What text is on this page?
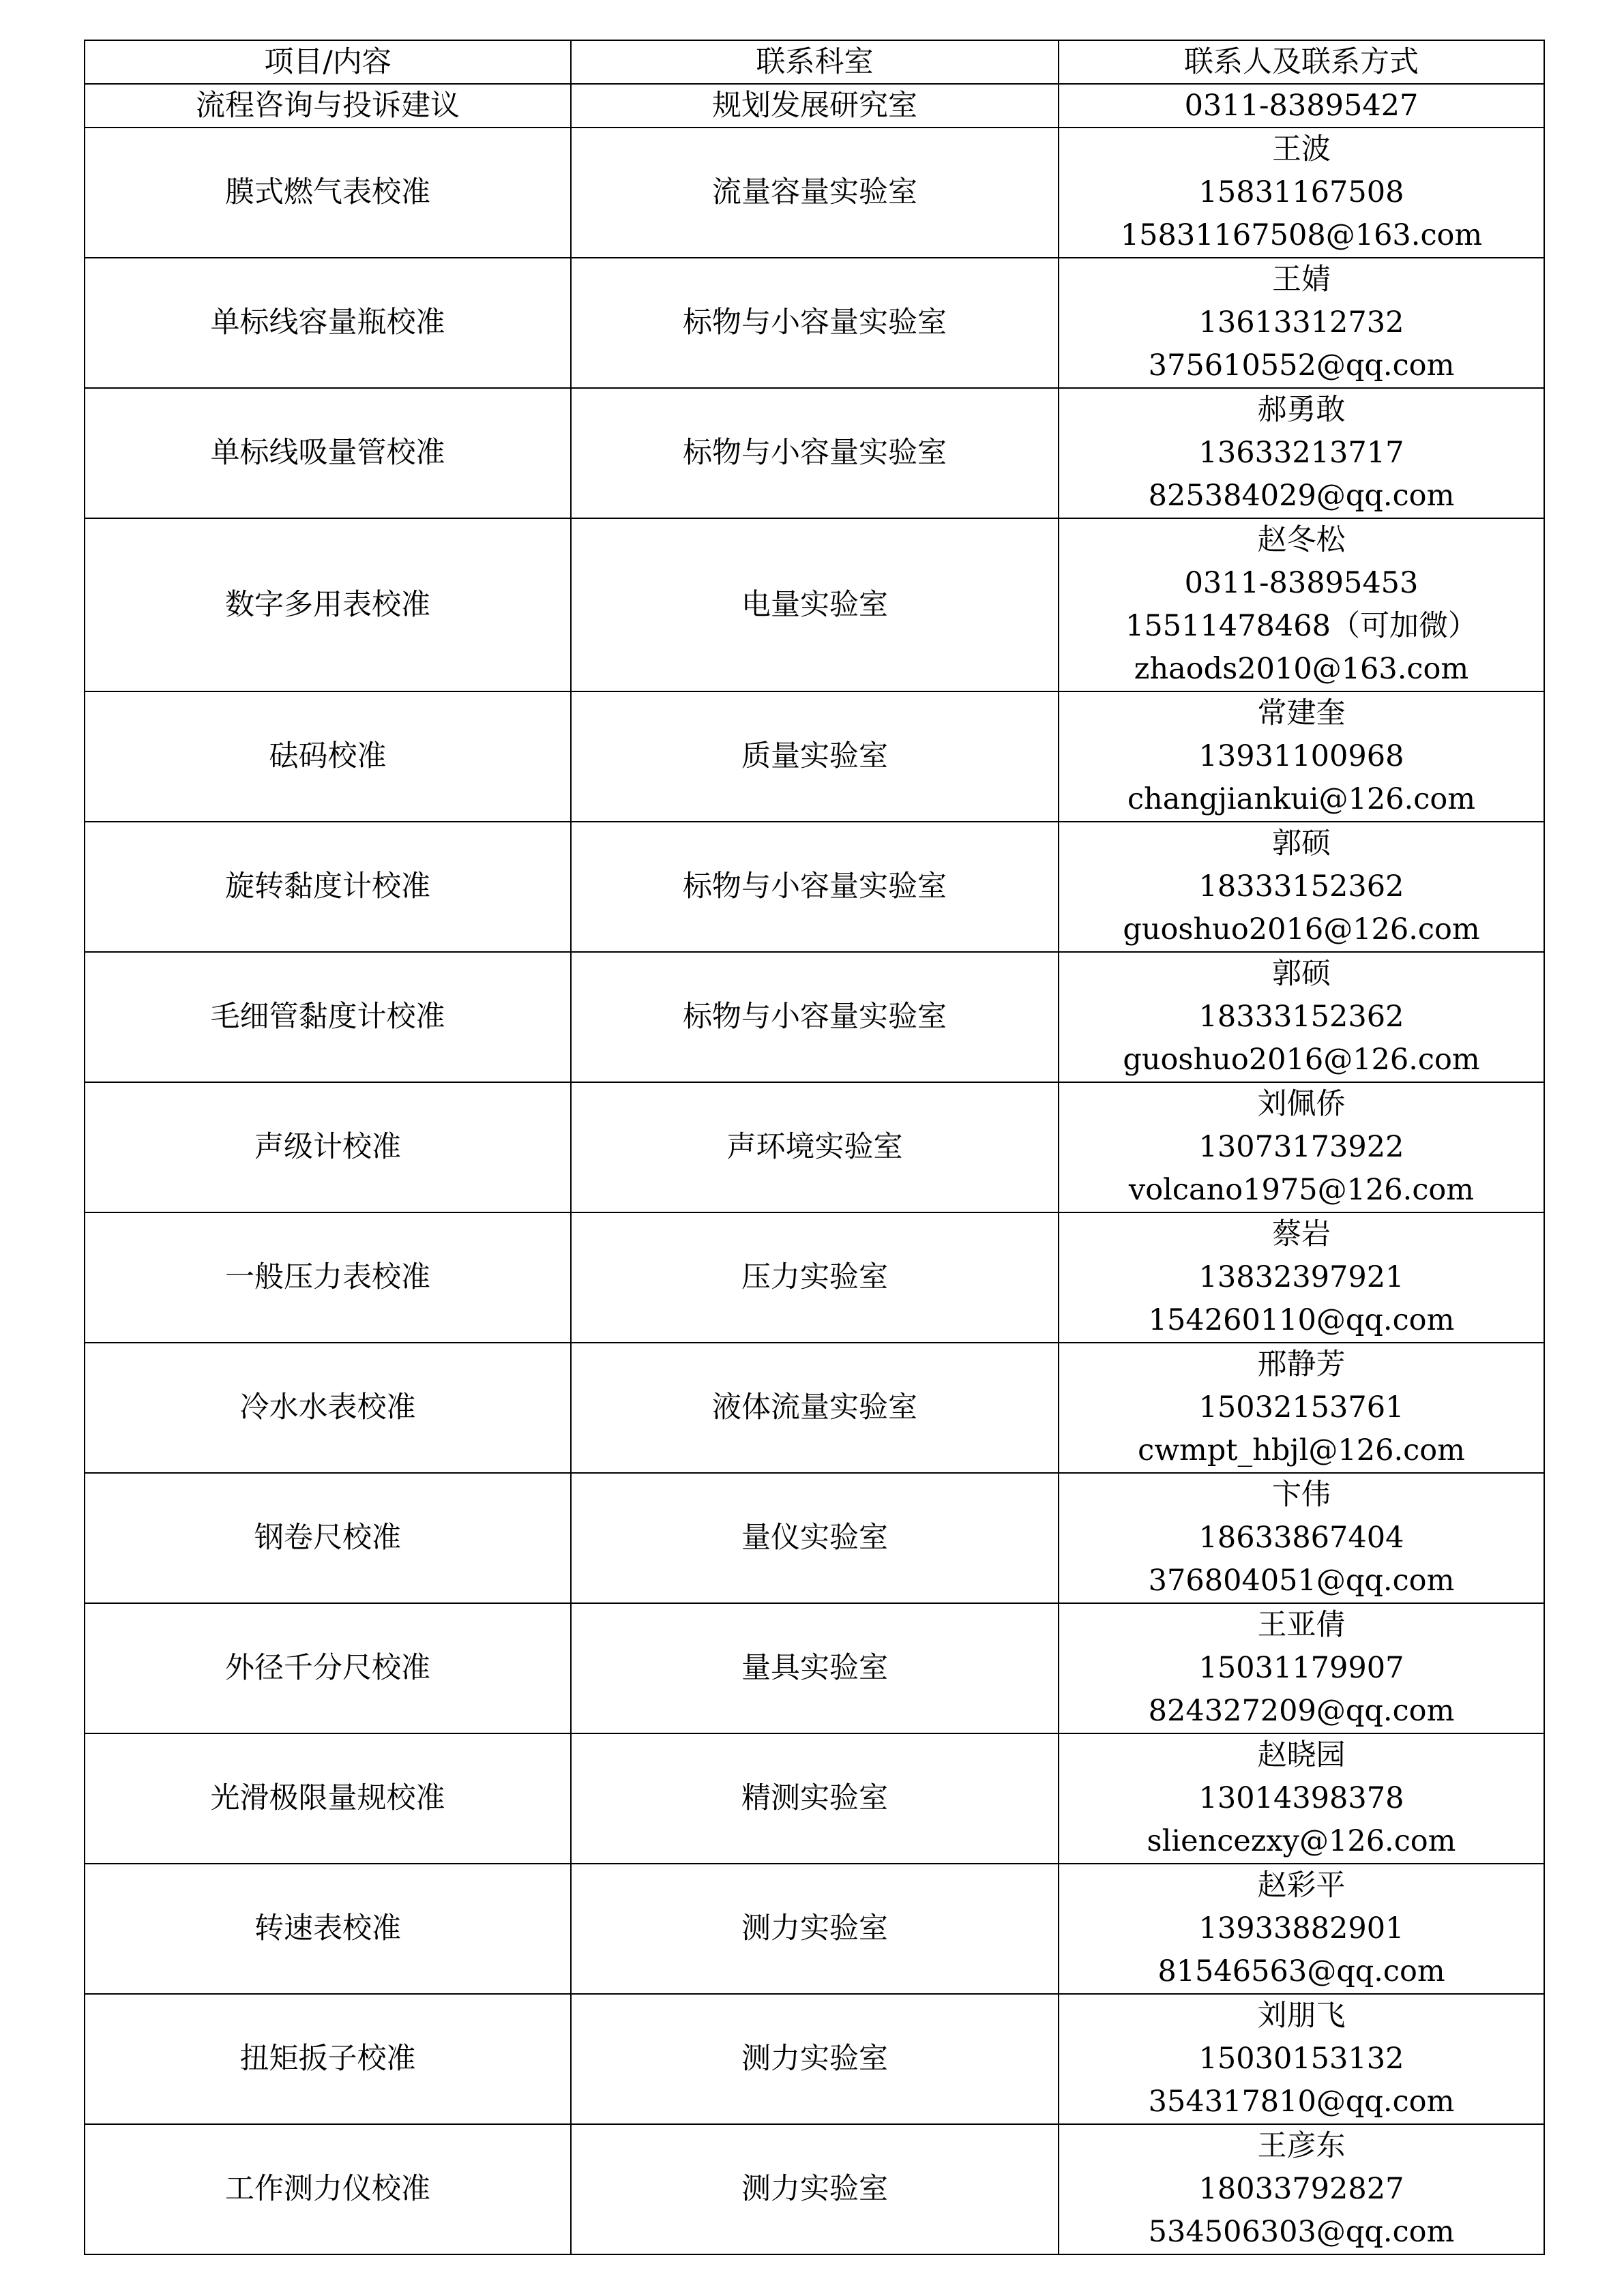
项目/内容	联系科室	联系人及联系方式
流程咨询与投诉建议	规划发展研究室	0311-83895427
膜式燃气表校准	流量容量实验室	王波
15831167508
15831167508@163.com

单标线容量瓶校准	标物与小容量实验室	王婧
13613312732
375610552@qq.com

单标线吸量管校准	标物与小容量实验室	郝勇敢
13633213717
825384029@qq.com

数字多用表校准	电量实验室	赵冬松
0311-83895453
15511478468（可加微）
zhaods2010@163.com

砝码校准	质量实验室	常建奎
13931100968
changjiankui@126.com

旋转黏度计校准	标物与小容量实验室	郭硕
18333152362
guoshuo2016@126.com

毛细管黏度计校准	标物与小容量实验室	郭硕
18333152362
guoshuo2016@126.com

声级计校准	声环境实验室	刘佩侨
13073173922
volcano1975@126.com

一般压力表校准	压力实验室	蔡岩
13832397921
154260110@qq.com

冷水水表校准	液体流量实验室	邢静芳
15032153761
cwmpt_hbjl@126.com

钢卷尺校准	量仪实验室	卞伟
18633867404
376804051@qq.com

外径千分尺校准	量具实验室	王亚倩
15031179907
824327209@qq.com

光滑极限量规校准	精测实验室	赵晓园
13014398378
sliencezxy@126.com

转速表校准	测力实验室	赵彩平
13933882901
81546563@qq.com

扭矩扳子校准	测力实验室	刘朋飞
15030153132
354317810@qq.com

工作测力仪校准	测力实验室	王彦东
18033792827
534506303@qq.com
